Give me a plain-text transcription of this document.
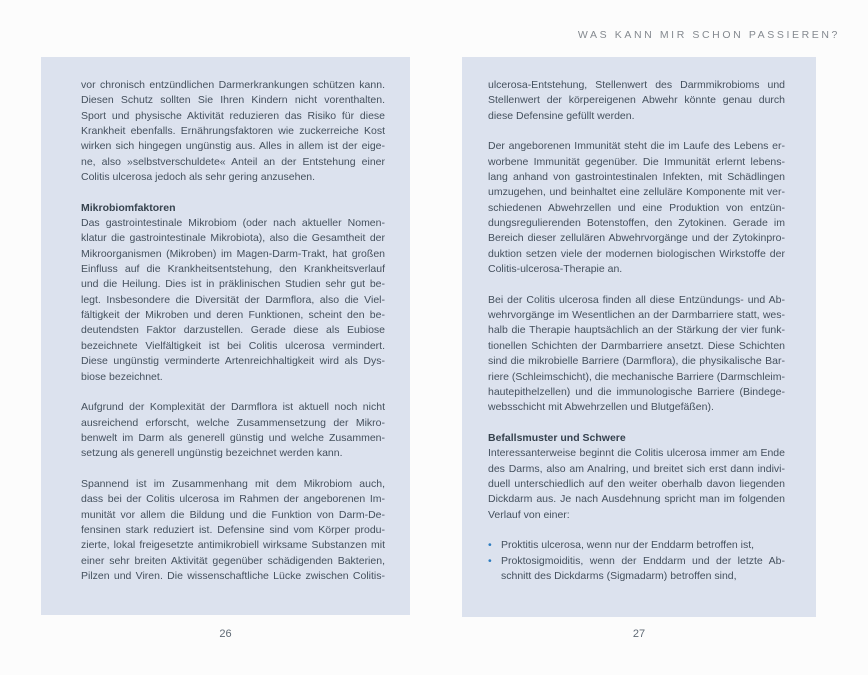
WAS KANN MIR SCHON PASSIEREN?
vor chronisch entzündlichen Darmerkrankungen schützen kann.
Diesen Schutz sollten Sie Ihren Kindern nicht vorenthalten.
Sport und physische Aktivität reduzieren das Risiko für diese
Krankheit ebenfalls. Ernährungsfaktoren wie zuckerreiche Kost
wirken sich hingegen ungünstig aus. Alles in allem ist der eige-
ne, also »selbstverschuldete« Anteil an der Entstehung einer
Colitis ulcerosa jedoch als sehr gering anzusehen.
Mikrobiomfaktoren
Das gastrointestinale Mikrobiom (oder nach aktueller Nomen-
klatur die gastrointestinale Mikrobiota), also die Gesamtheit der
Mikroorganismen (Mikroben) im Magen-Darm-Trakt, hat großen
Einfluss auf die Krankheitsentstehung, den Krankheitsverlauf
und die Heilung. Dies ist in präklinischen Studien sehr gut be-
legt. Insbesondere die Diversität der Darmflora, also die Viel-
fältigkeit der Mikroben und deren Funktionen, scheint den be-
deutendsten Faktor darzustellen. Gerade diese als Eubiose
bezeichnete Vielfältigkeit ist bei Colitis ulcerosa vermindert.
Diese ungünstig verminderte Artenreichhaltigkeit wird als Dys-
biose bezeichnet.
Aufgrund der Komplexität der Darmflora ist aktuell noch nicht
ausreichend erforscht, welche Zusammensetzung der Mikro-
benwelt im Darm als generell günstig und welche Zusammen-
setzung als generell ungünstig bezeichnet werden kann.
Spannend ist im Zusammenhang mit dem Mikrobiom auch,
dass bei der Colitis ulcerosa im Rahmen der angeborenen Im-
munität vor allem die Bildung und die Funktion von Darm-De-
fensinen stark reduziert ist. Defensine sind vom Körper produ-
zierte, lokal freigesetzte antimikrobiell wirksame Substanzen mit
einer sehr breiten Aktivität gegenüber schädigenden Bakterien,
Pilzen und Viren. Die wissenschaftliche Lücke zwischen Colitis-
ulcerosa-Entstehung, Stellenwert des Darmmikrobioms und
Stellenwert der körpereigenen Abwehr könnte genau durch
diese Defensine gefüllt werden.
Der angeborenen Immunität steht die im Laufe des Lebens er-
worbene Immunität gegenüber. Die Immunität erlernt lebens-
lang anhand von gastrointestinalen Infekten, mit Schädlingen
umzugehen, und beinhaltet eine zelluläre Komponente mit ver-
schiedenen Abwehrzellen und eine Produktion von entzün-
dungsregulierenden Botenstoffen, den Zytokinen. Gerade im
Bereich dieser zellulären Abwehrvorgänge und der Zytokinpro-
duktion setzen viele der modernen biologischen Wirkstoffe der
Colitis-ulcerosa-Therapie an.
Bei der Colitis ulcerosa finden all diese Entzündungs- und Ab-
wehrvorgänge im Wesentlichen an der Darmbarriere statt, wes-
halb die Therapie hauptsächlich an der Stärkung der vier funk-
tionellen Schichten der Darmbarriere ansetzt. Diese Schichten
sind die mikrobielle Barriere (Darmflora), die physikalische Bar-
riere (Schleimschicht), die mechanische Barriere (Darmschleim-
hautepithelzellen) und die immunologische Barriere (Bindege-
websschicht mit Abwehrzellen und Blutgefäßen).
Befallsmuster und Schwere
Interessanterweise beginnt die Colitis ulcerosa immer am Ende
des Darms, also am Analring, und breitet sich erst dann indivi-
duell unterschiedlich auf den weiter oberhalb davon liegenden
Dickdarm aus. Je nach Ausdehnung spricht man im folgenden
Verlauf von einer:
• Proktitis ulcerosa, wenn nur der Enddarm betroffen ist,
• Proktosigmoiditis, wenn der Enddarm und der letzte Ab-
schnitt des Dickdarms (Sigmadarm) betroffen sind,
26	27
